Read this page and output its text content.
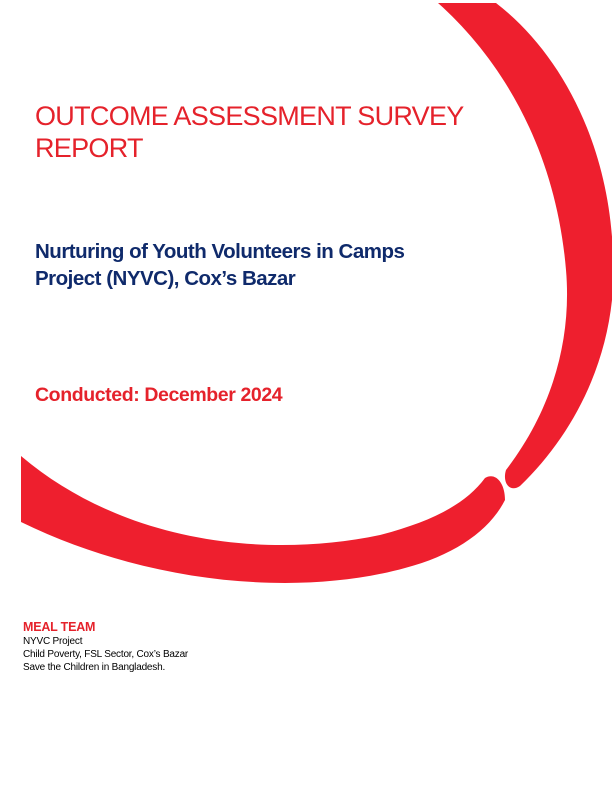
OUTCOME ASSESSMENT SURVEY REPORT
Nurturing of Youth Volunteers in Camps Project (NYVC), Cox’s Bazar
Conducted: December 2024
MEAL TEAM
NYVC Project
Child Poverty, FSL Sector, Cox’s Bazar
Save the Children in Bangladesh.
